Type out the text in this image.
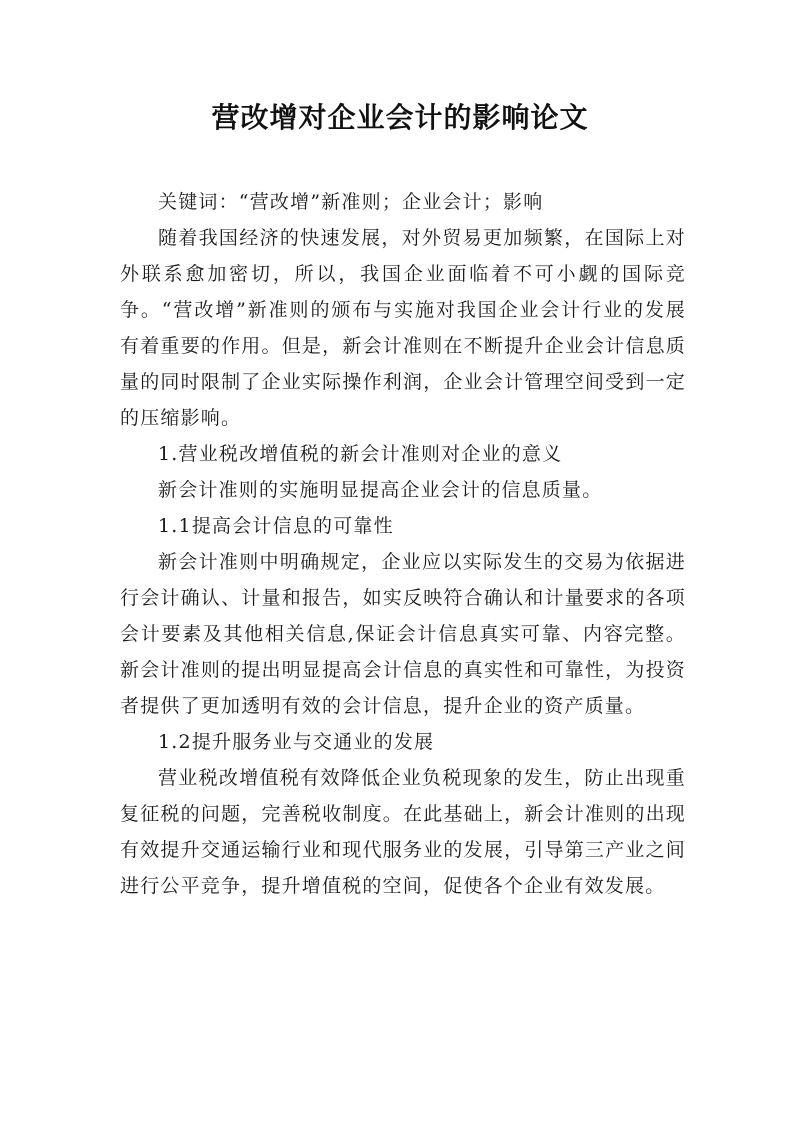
营改增对企业会计的影响论文

关键词：“营改增”新准则；企业会计；影响

随着我国经济的快速发展，对外贸易更加频繁，在国际上对外联系愈加密切，所以，我国企业面临着不可小觑的国际竞争。“营改增”新准则的颁布与实施对我国企业会计行业的发展有着重要的作用。但是，新会计准则在不断提升企业会计信息质量的同时限制了企业实际操作利润，企业会计管理空间受到一定的压缩影响。

1.营业税改增值税的新会计准则对企业的意义

新会计准则的实施明显提高企业会计的信息质量。

1.1提高会计信息的可靠性

新会计准则中明确规定，企业应以实际发生的交易为依据进行会计确认、计量和报告，如实反映符合确认和计量要求的各项会计要素及其他相关信息,保证会计信息真实可靠、内容完整。新会计准则的提出明显提高会计信息的真实性和可靠性，为投资者提供了更加透明有效的会计信息，提升企业的资产质量。

1.2提升服务业与交通业的发展

营业税改增值税有效降低企业负税现象的发生，防止出现重复征税的问题，完善税收制度。在此基础上，新会计准则的出现有效提升交通运输行业和现代服务业的发展，引导第三产业之间进行公平竞争，提升增值税的空间，促使各个企业有效发展。
